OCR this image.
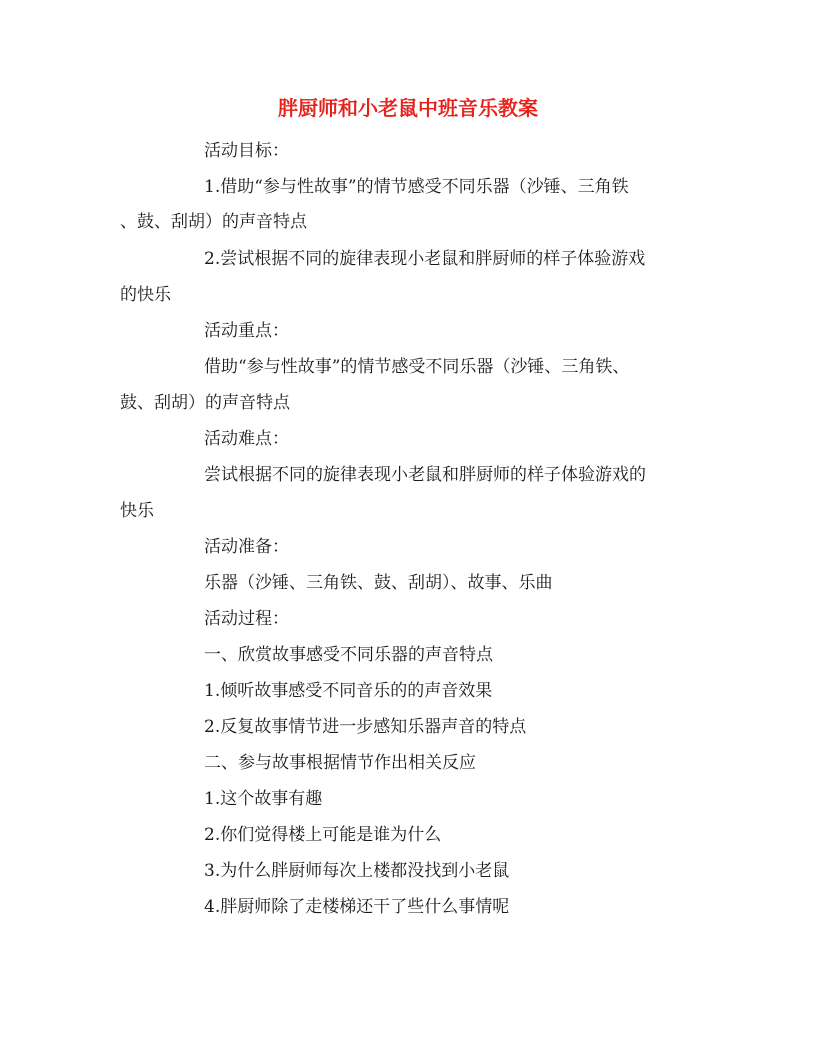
胖厨师和小老鼠中班音乐教案
活动目标：
1.借助“参与性故事”的情节感受不同乐器（沙锤、三角铁
、鼓、刮胡）的声音特点
2.尝试根据不同的旋律表现小老鼠和胖厨师的样子体验游戏
的快乐
活动重点：
借助“参与性故事”的情节感受不同乐器（沙锤、三角铁、
鼓、刮胡）的声音特点
活动难点：
尝试根据不同的旋律表现小老鼠和胖厨师的样子体验游戏的
快乐
活动准备：
乐器（沙锤、三角铁、鼓、刮胡）、故事、乐曲
活动过程：
一、欣赏故事感受不同乐器的声音特点
1.倾听故事感受不同音乐的的声音效果
2.反复故事情节进一步感知乐器声音的特点
二、参与故事根据情节作出相关反应
1.这个故事有趣
2.你们觉得楼上可能是谁为什么
3.为什么胖厨师每次上楼都没找到小老鼠
4.胖厨师除了走楼梯还干了些什么事情呢
